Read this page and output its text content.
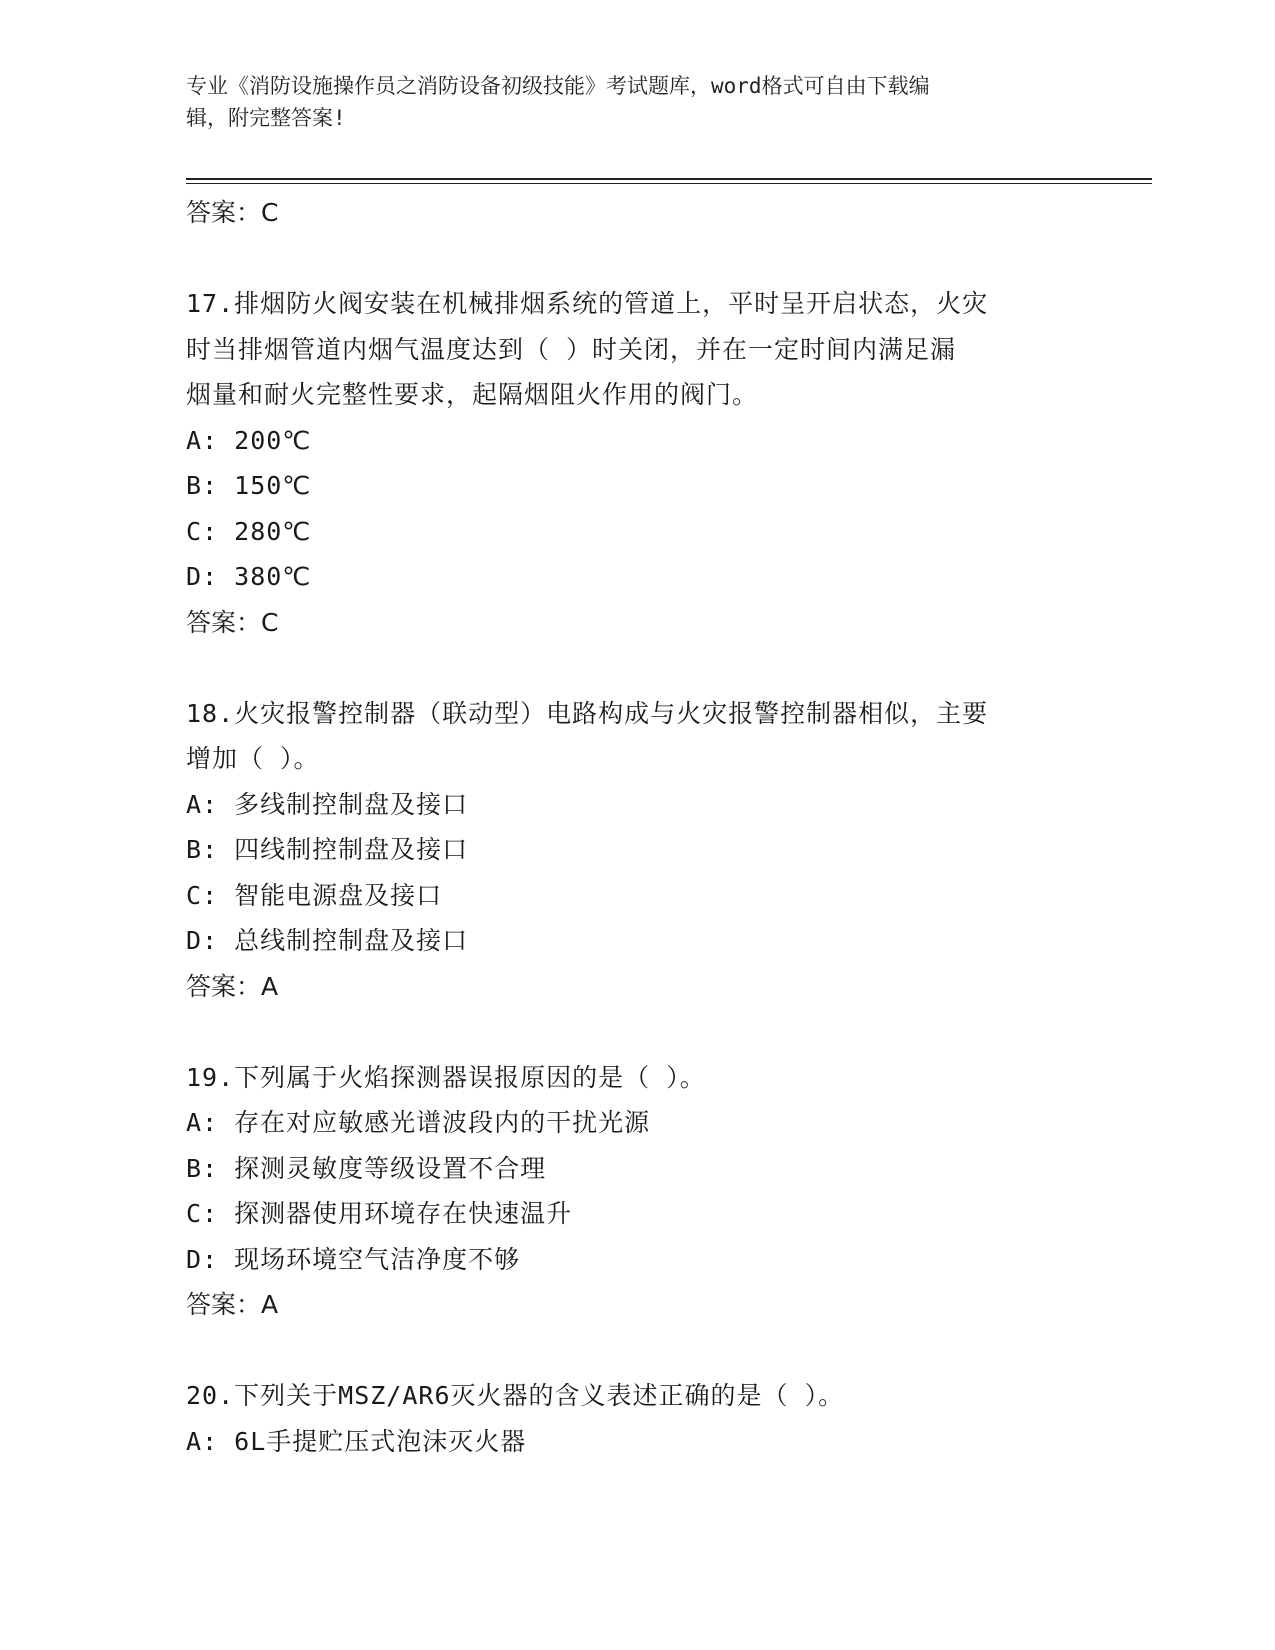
专业《消防设施操作员之消防设备初级技能》考试题库，word格式可自由下载编
辑，附完整答案!
答案：C
17.排烟防火阀安装在机械排烟系统的管道上，平时呈开启状态，火灾
时当排烟管道内烟气温度达到（ ）时关闭，并在一定时间内满足漏
烟量和耐火完整性要求，起隔烟阻火作用的阀门。
A: 200℃
B: 150℃
C: 280℃
D: 380℃
答案：C
18.火灾报警控制器（联动型）电路构成与火灾报警控制器相似，主要
增加（ ）。
A: 多线制控制盘及接口
B: 四线制控制盘及接口
C: 智能电源盘及接口
D: 总线制控制盘及接口
答案：A
19.下列属于火焰探测器误报原因的是（ ）。
A: 存在对应敏感光谱波段内的干扰光源
B: 探测灵敏度等级设置不合理
C: 探测器使用环境存在快速温升
D: 现场环境空气洁净度不够
答案：A
20.下列关于MSZ/AR6灭火器的含义表述正确的是（ ）。
A: 6L手提贮压式泡沫灭火器
